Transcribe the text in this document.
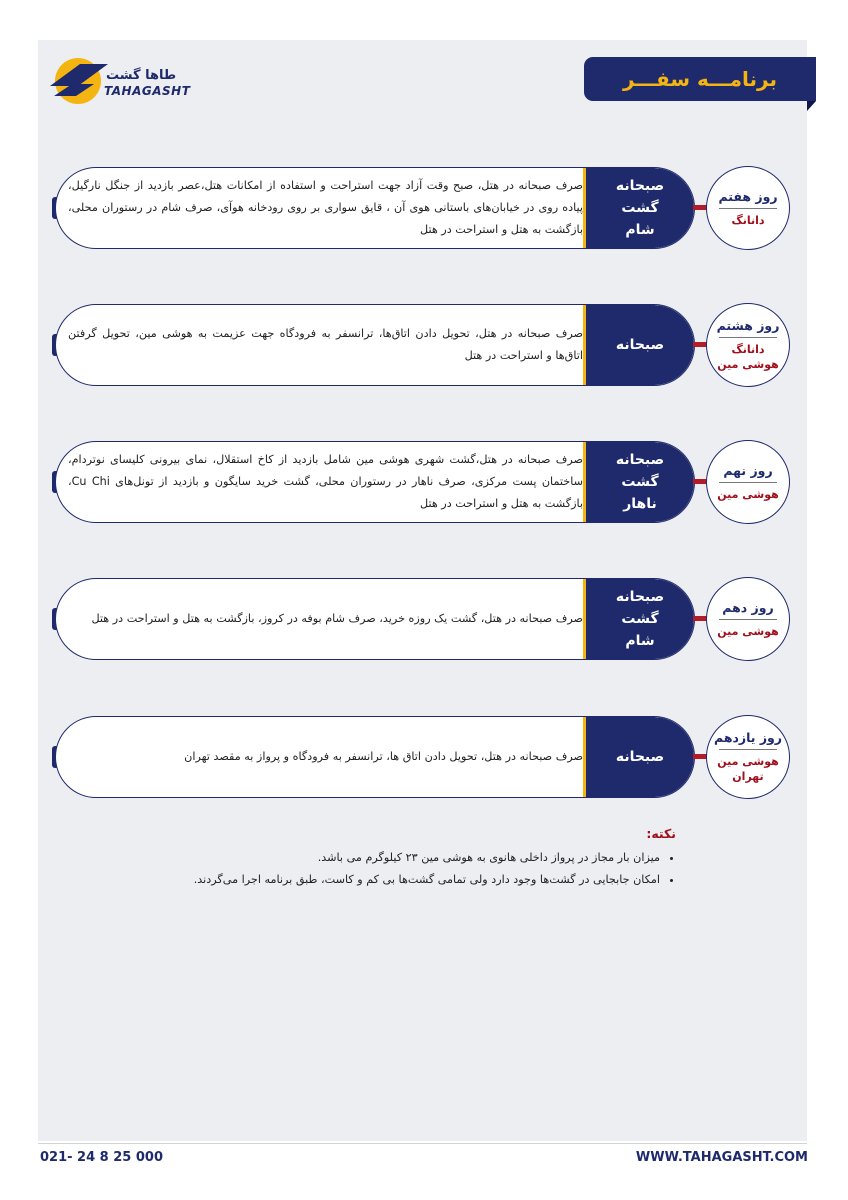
طاها گشت
TAHAGASHT	برنامـــه سفـــر
صرف صبحانه در هتل، صبح وقت آزاد جهت استراحت و استفاده از امکانات هتل،عصر بازدید از جنگل نارگیل، پیاده روی در خیابان‌های باستانی هوی آن ، قایق سواری بر روی رودخانه هوآی، صرف شام در رستوران محلی، بازگشت به هتل و استراحت در هتل
صبحانه
گشت
شام
روز هفتم
دانانگ
صرف صبحانه در هتل، تحویل دادن اتاق‌ها، ترانسفر به فرودگاه جهت عزیمت به هوشی مین، تحویل گرفتن اتاق‌ها و استراحت در هتل
صبحانه
روز هشتم
دانانگ
هوشی مین
صرف صبحانه در هتل،گشت شهری هوشی مین شامل بازدید از کاخ استقلال، نمای بیرونی کلیسای نوتردام، ساختمان پست مرکزی، صرف ناهار در رستوران محلی، گشت خرید سایگون و بازدید از تونل‌های Cu Chi، بازگشت به هتل و استراحت در هتل
صبحانه
گشت
ناهار
روز نهم
هوشی مین
صرف صبحانه در هتل، گشت یک روزه خرید، صرف شام بوفه در کروز، بازگشت به هتل و استراحت در هتل
صبحانه
گشت
شام
روز دهم
هوشی مین
صرف صبحانه در هتل، تحویل دادن اتاق ها، ترانسفر به فرودگاه و پرواز به مقصد تهران	صبحانه
روز یازدهم
هوشی مین
تهران
نکته:
• میزان بار مجاز در پرواز داخلی هانوی به هوشی مین ۲۳ کیلوگرم می باشد.
• امکان جابجایی در گشت‌ها وجود دارد ولی تمامی گشت‌ها بی کم و کاست، طبق برنامه اجرا می‌گردند.
021- 24 8 25 000	WWW.TAHAGASHT.COM
